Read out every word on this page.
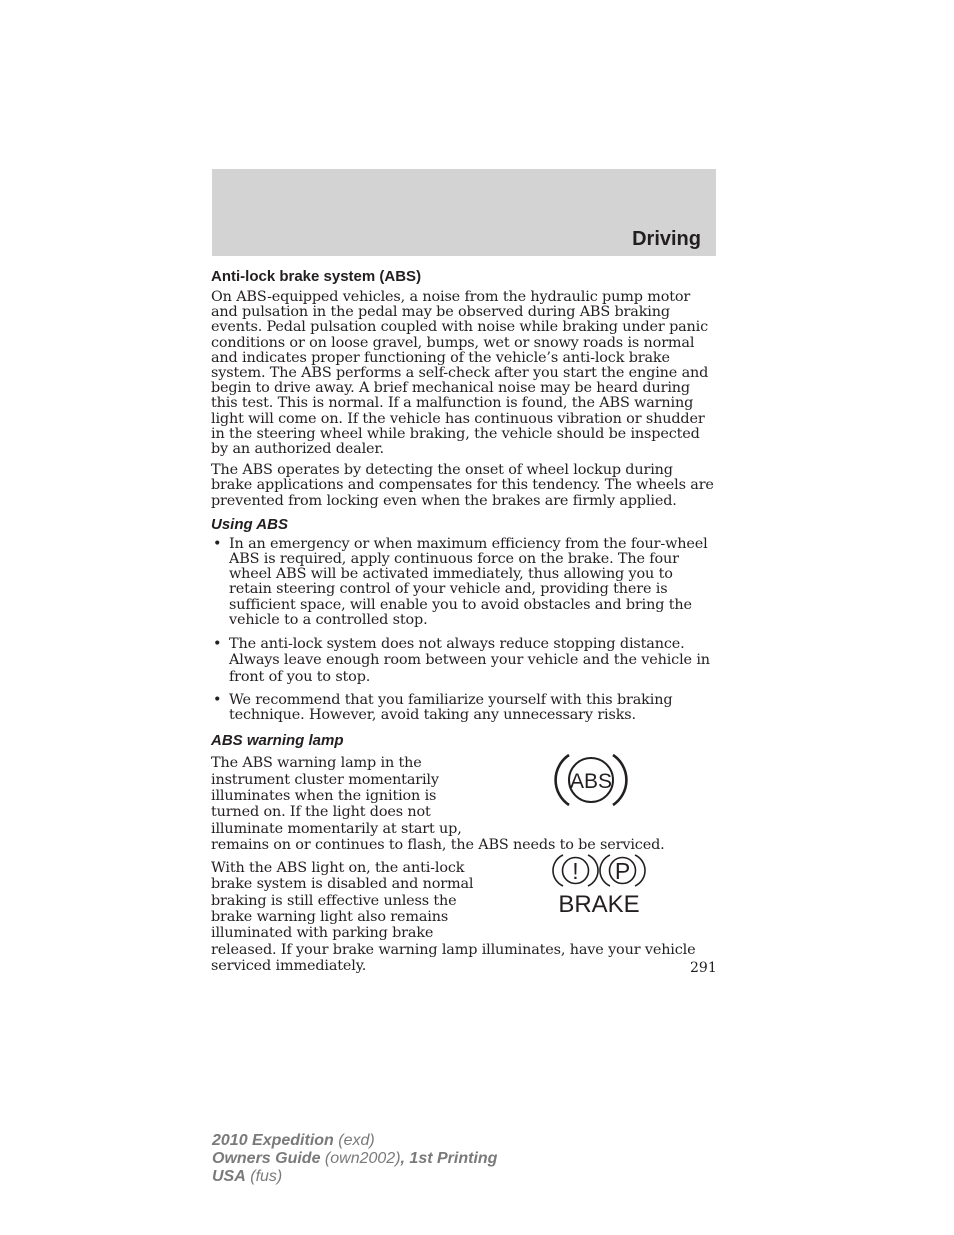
Driving
Anti-lock brake system (ABS)

On ABS-equipped vehicles, a noise from the hydraulic pump motor and pulsation in the pedal may be observed during ABS braking events. Pedal pulsation coupled with noise while braking under panic conditions or on loose gravel, bumps, wet or snowy roads is normal and indicates proper functioning of the vehicle’s anti-lock brake system. The ABS performs a self-check after you start the engine and begin to drive away. A brief mechanical noise may be heard during this test. This is normal. If a malfunction is found, the ABS warning light will come on. If the vehicle has continuous vibration or shudder in the steering wheel while braking, the vehicle should be inspected by an authorized dealer.

The ABS operates by detecting the onset of wheel lockup during brake applications and compensates for this tendency. The wheels are prevented from locking even when the brakes are firmly applied.

Using ABS
• In an emergency or when maximum efficiency from the four-wheel ABS is required, apply continuous force on the brake. The four wheel ABS will be activated immediately, thus allowing you to retain steering control of your vehicle and, providing there is sufficient space, will enable you to avoid obstacles and bring the vehicle to a controlled stop.
• The anti-lock system does not always reduce stopping distance. Always leave enough room between your vehicle and the vehicle in front of you to stop.
• We recommend that you familiarize yourself with this braking technique. However, avoid taking any unnecessary risks.
ABS warning lamp

The ABS warning lamp in the

instrument cluster momentarily

illuminates when the ignition is

turned on. If the light does not

illuminate momentarily at start up,

remains on or continues to flash, the ABS needs to be serviced.

ABS

With the ABS light on, the anti-lock

brake system is disabled and normal

braking is still effective unless the

brake warning light also remains

illuminated with parking brake

released. If your brake warning lamp illuminates, have your vehicle

serviced immediately.

! P
BRAKE
291
2010 Expedition (exd)
Owners Guide (own2002), 1st Printing
USA (fus)
